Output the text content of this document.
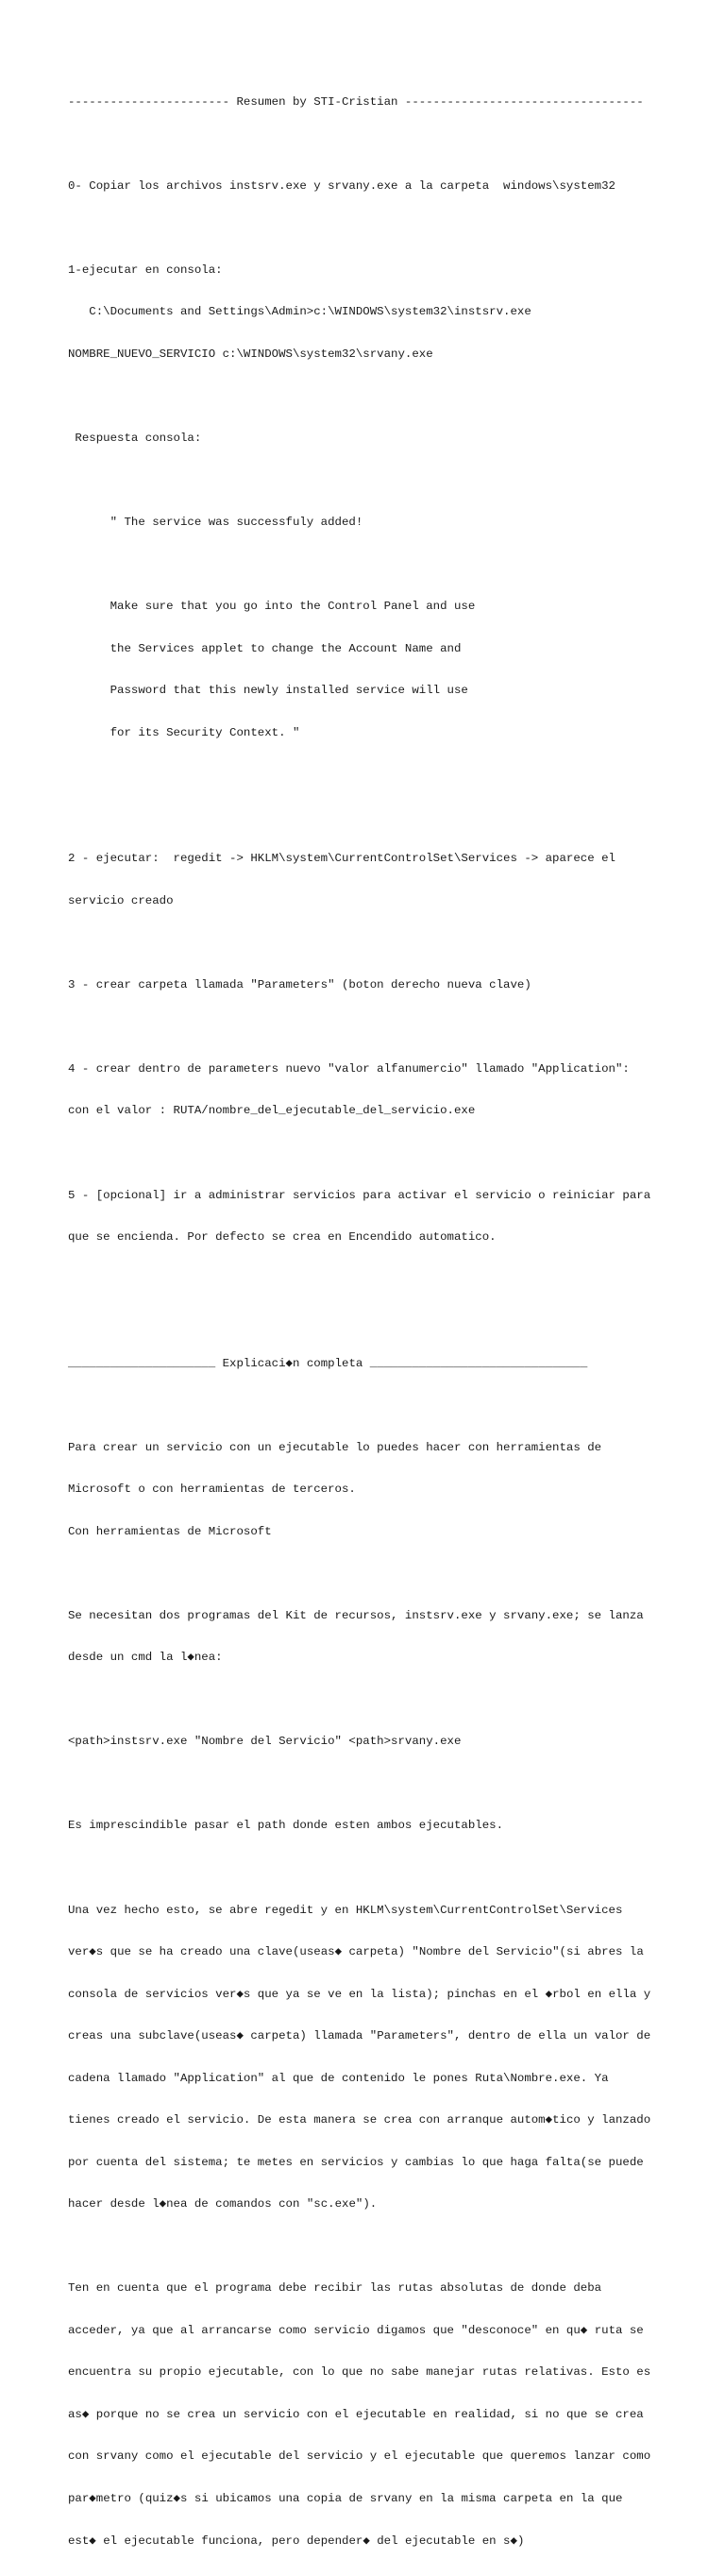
----------------------- Resumen by STI-Cristian ----------------------------------

0- Copiar los archivos instsrv.exe y srvany.exe a la carpeta  windows\system32

1-ejecutar en consola:

C:\Documents and Settings\Admin>c:\WINDOWS\system32\instsrv.exe

NOMBRE_NUEVO_SERVICIO c:\WINDOWS\system32\srvany.exe

Respuesta consola:

" The service was successfuly added!

Make sure that you go into the Control Panel and use

the Services applet to change the Account Name and

Password that this newly installed service will use

for its Security Context. "

2 - ejecutar:  regedit -> HKLM\system\CurrentControlSet\Services -> aparece el

servicio creado

3 - crear carpeta llamada "Parameters" (boton derecho nueva clave)

4 - crear dentro de parameters nuevo "valor alfanumercio" llamado "Application":

con el valor : RUTA/nombre_del_ejecutable_del_servicio.exe

5 - [opcional] ir a administrar servicios para activar el servicio o reiniciar para

que se encienda. Por defecto se crea en Encendido automatico.

_____________________ Explicaci◆n completa _______________________________

Para crear un servicio con un ejecutable lo puedes hacer con herramientas de

Microsoft o con herramientas de terceros.

Con herramientas de Microsoft

Se necesitan dos programas del Kit de recursos, instsrv.exe y srvany.exe; se lanza

desde un cmd la l◆nea:

<path>instsrv.exe "Nombre del Servicio" <path>srvany.exe

Es imprescindible pasar el path donde esten ambos ejecutables.

Una vez hecho esto, se abre regedit y en HKLM\system\CurrentControlSet\Services

ver◆s que se ha creado una clave(useas◆ carpeta) "Nombre del Servicio"(si abres la

consola de servicios ver◆s que ya se ve en la lista); pinchas en el ◆rbol en ella y

creas una subclave(useas◆ carpeta) llamada "Parameters", dentro de ella un valor de

cadena llamado "Application" al que de contenido le pones Ruta\Nombre.exe. Ya

tienes creado el servicio. De esta manera se crea con arranque autom◆tico y lanzado

por cuenta del sistema; te metes en servicios y cambias lo que haga falta(se puede

hacer desde l◆nea de comandos con "sc.exe").

Ten en cuenta que el programa debe recibir las rutas absolutas de donde deba

acceder, ya que al arrancarse como servicio digamos que "desconoce" en qu◆ ruta se

encuentra su propio ejecutable, con lo que no sabe manejar rutas relativas. Esto es

as◆ porque no se crea un servicio con el ejecutable en realidad, si no que se crea

con srvany como el ejecutable del servicio y el ejecutable que queremos lanzar como

par◆metro (quiz◆s si ubicamos una copia de srvany en la misma carpeta en la que

est◆ el ejecutable funciona, pero depender◆ del ejecutable en s◆)
